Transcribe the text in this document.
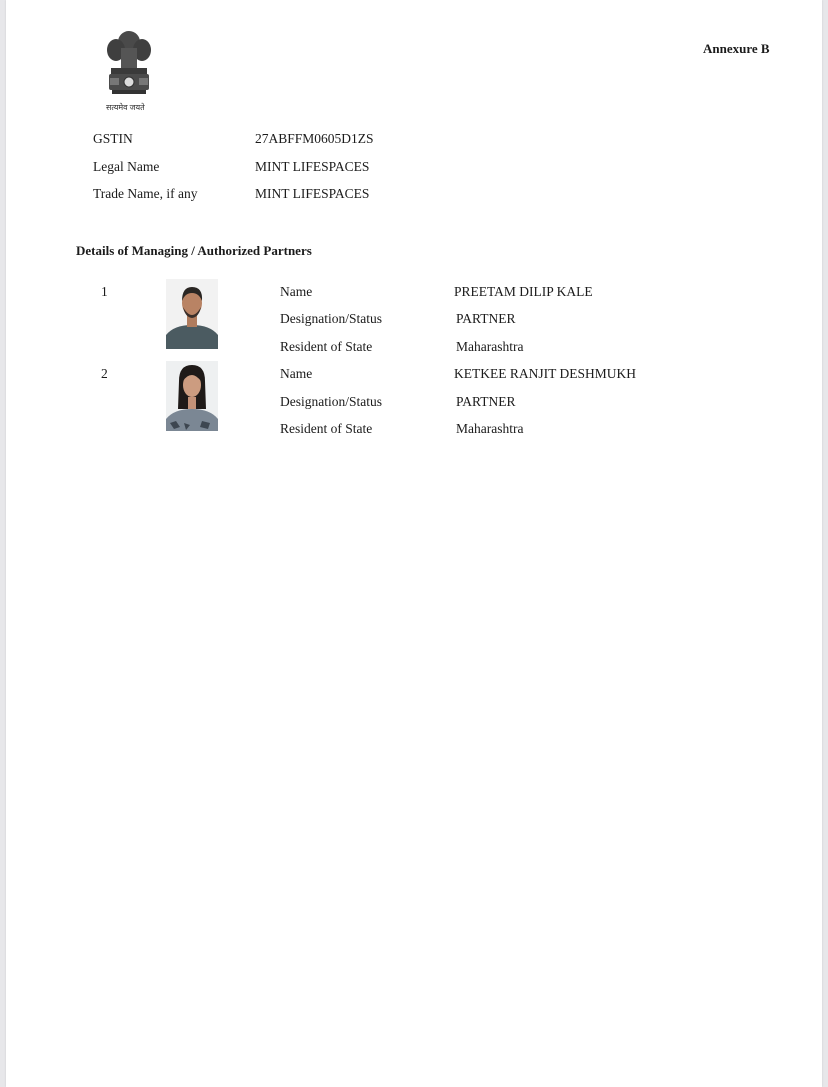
सत्यमेव जयते
Annexure B
GSTIN	27ABFFM0605D1ZS
Legal Name	MINT LIFESPACES
Trade Name, if any	MINT LIFESPACES
Details of Managing / Authorized Partners
1	Name	PREETAM DILIP KALE
Designation/Status	PARTNER
Resident of State	Maharashtra
2	Name	KETKEE RANJIT DESHMUKH
Designation/Status	PARTNER
Resident of State	Maharashtra
